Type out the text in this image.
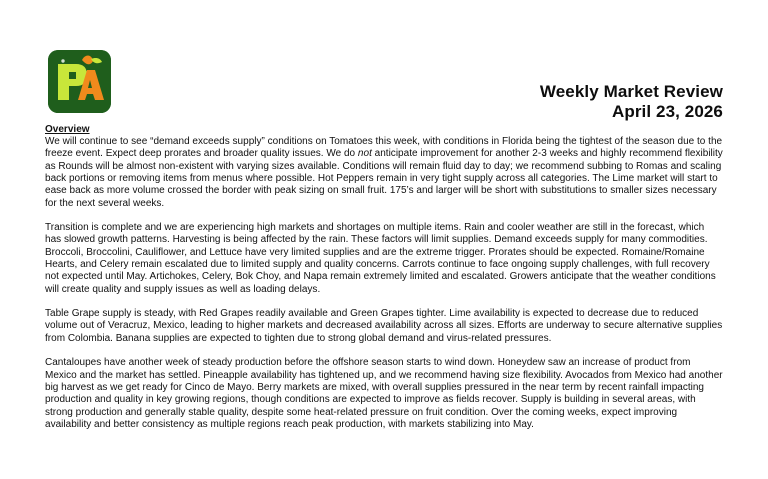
Weekly Market Review
April 23, 2026
Overview

We will continue to see “demand exceeds supply” conditions on Tomatoes this week, with conditions in Florida being the tightest of the season due to the freeze event. Expect deep prorates and broader quality issues. We do not anticipate improvement for another 2-3 weeks and highly recommend flexibility as Rounds will be almost non-existent with varying sizes available. Conditions will remain fluid day to day; we recommend subbing to Romas and scaling back portions or removing items from menus where possible. Hot Peppers remain in very tight supply across all categories. The Lime market will start to ease back as more volume crossed the border with peak sizing on small fruit. 175’s and larger will be short with substitutions to smaller sizes necessary for the next several weeks.

Transition is complete and we are experiencing high markets and shortages on multiple items. Rain and cooler weather are still in the forecast, which has slowed growth patterns. Harvesting is being affected by the rain. These factors will limit supplies. Demand exceeds supply for many commodities. Broccoli, Broccolini, Cauliflower, and Lettuce have very limited supplies and are the extreme trigger. Prorates should be expected. Romaine/Romaine Hearts, and Celery remain escalated due to limited supply and quality concerns. Carrots continue to face ongoing supply challenges, with full recovery not expected until May. Artichokes, Celery, Bok Choy, and Napa remain extremely limited and escalated. Growers anticipate that the weather conditions will create quality and supply issues as well as loading delays.

Table Grape supply is steady, with Red Grapes readily available and Green Grapes tighter. Lime availability is expected to decrease due to reduced volume out of Veracruz, Mexico, leading to higher markets and decreased availability across all sizes. Efforts are underway to secure alternative supplies from Colombia. Banana supplies are expected to tighten due to strong global demand and virus-related pressures.

Cantaloupes have another week of steady production before the offshore season starts to wind down. Honeydew saw an increase of product from Mexico and the market has settled. Pineapple availability has tightened up, and we recommend having size flexibility. Avocados from Mexico had another big harvest as we get ready for Cinco de Mayo. Berry markets are mixed, with overall supplies pressured in the near term by recent rainfall impacting production and quality in key growing regions, though conditions are expected to improve as fields recover. Supply is building in several areas, with strong production and generally stable quality, despite some heat-related pressure on fruit condition. Over the coming weeks, expect improving availability and better consistency as multiple regions reach peak production, with markets stabilizing into May.
